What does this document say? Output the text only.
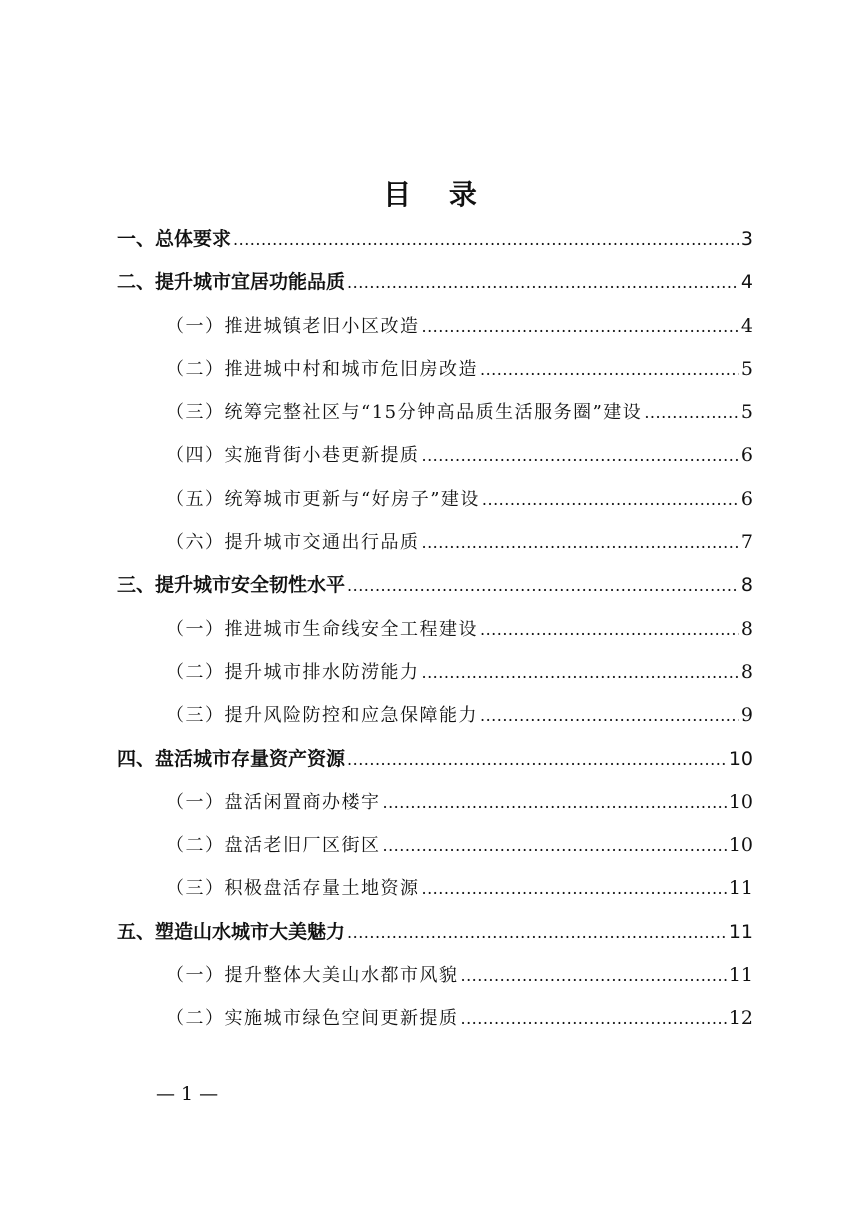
目 录
一、总体要求 .....	3
二、提升城市宜居功能品质 .....	4
（一）推进城镇老旧小区改造 .....	4
（二）推进城中村和城市危旧房改造 .....	5
（三）统筹完整社区与“15分钟高品质生活服务圈”建设 .....	5
（四）实施背街小巷更新提质 .....	6
（五）统筹城市更新与“好房子”建设 .....	6
（六）提升城市交通出行品质 .....	7
三、提升城市安全韧性水平 .....	8
（一）推进城市生命线安全工程建设 .....	8
（二）提升城市排水防涝能力 .....	8
（三）提升风险防控和应急保障能力 .....	9
四、盘活城市存量资产资源 .....	10
（一）盘活闲置商办楼宇 .....	10
（二）盘活老旧厂区街区 .....	10
（三）积极盘活存量土地资源 .....	11
五、塑造山水城市大美魅力 .....	11
（一）提升整体大美山水都市风貌 .....	11
（二）实施城市绿色空间更新提质 .....	12
— 1 —
